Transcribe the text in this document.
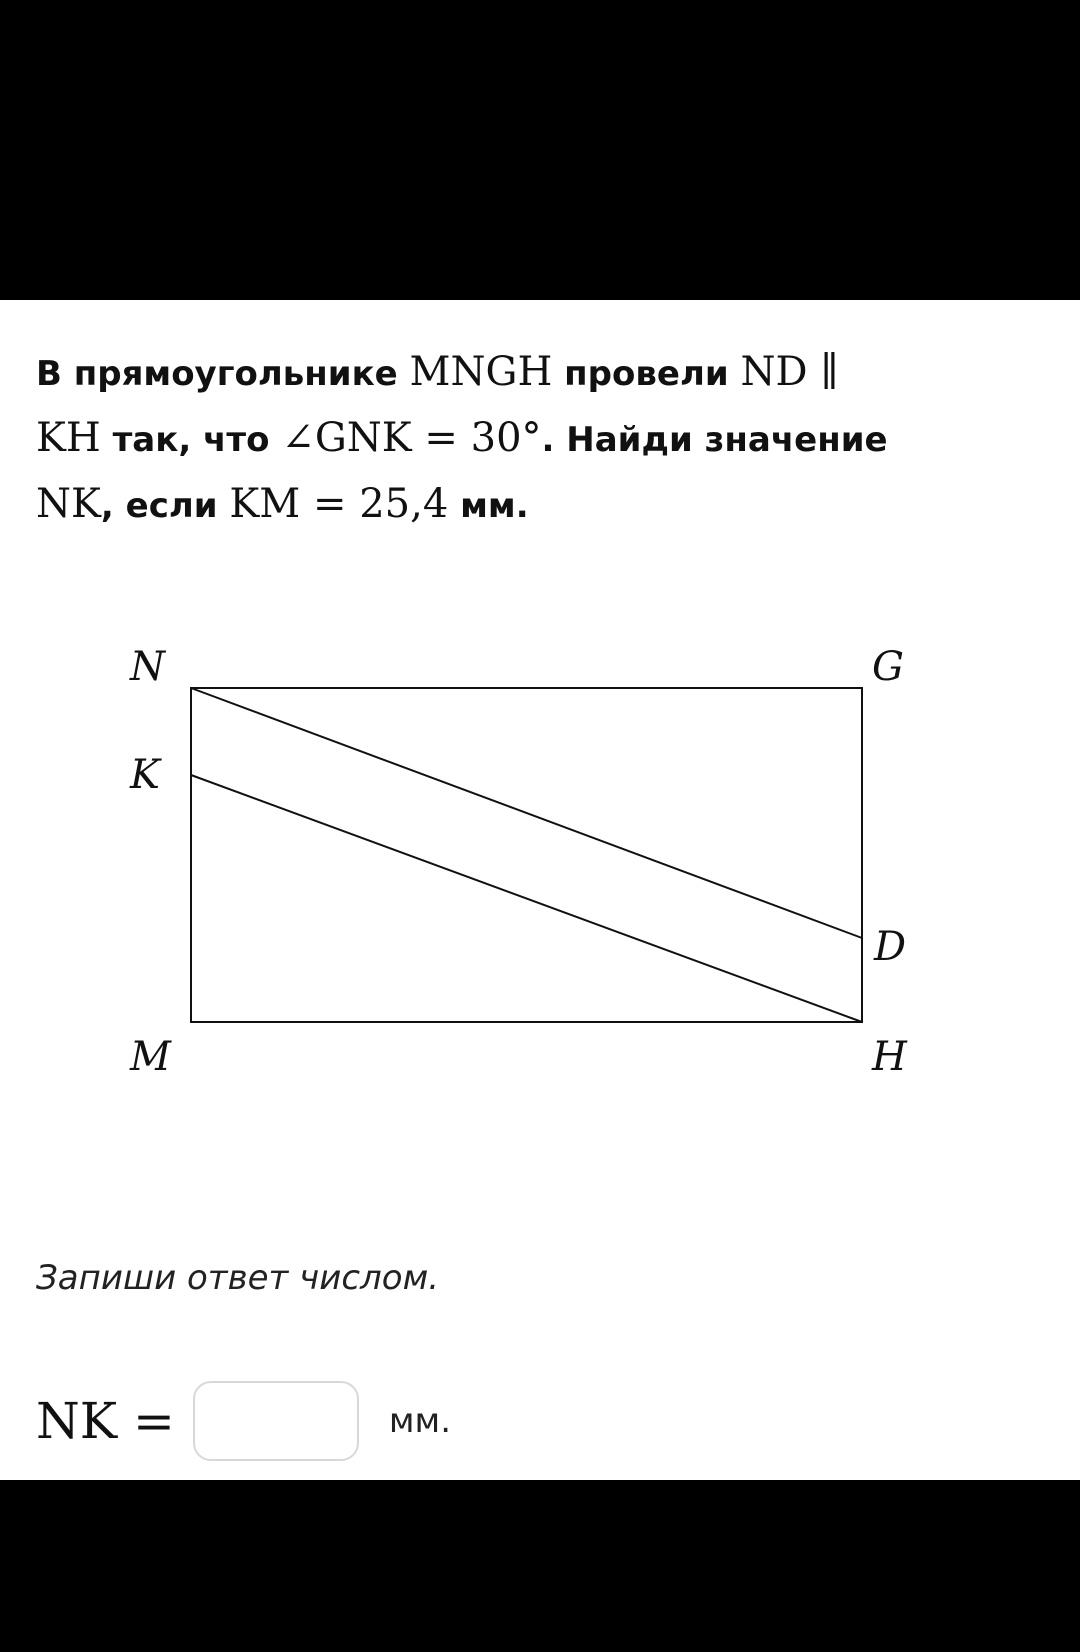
В прямоугольнике MNGH провели ND ∥
KH так, что ∠GNK = 30°. Найди значение
NK, если KM = 25,4 мм.
N	G
K
D
M	H
Запиши ответ числом.
NK =	мм.
